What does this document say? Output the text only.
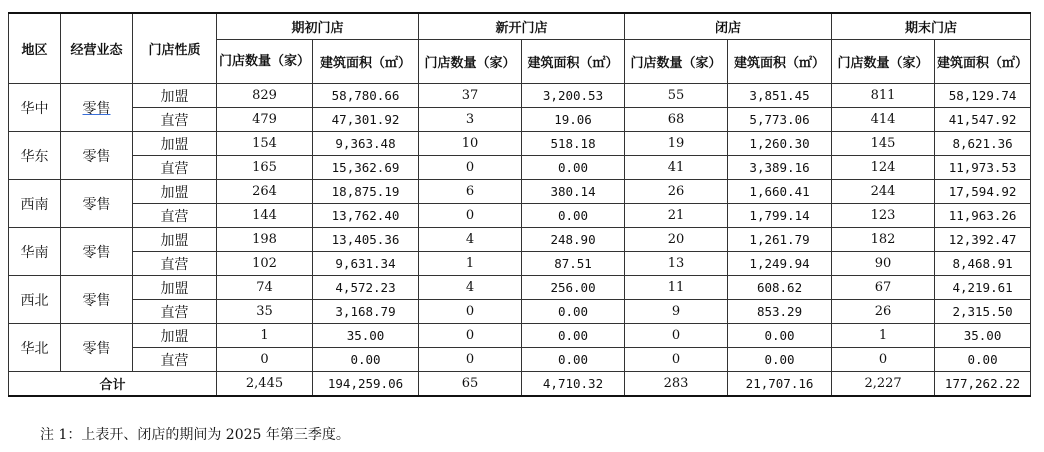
地区	经营业态	门店性质	期初门店		新开门店		闭店		期末门店	
			门店数量（家）	建筑面积（㎡）	门店数量（家）	建筑面积（㎡）	门店数量（家）	建筑面积（㎡）	门店数量（家）	建筑面积（㎡）
华中	零售	加盟	829	58,780.66	37	3,200.53	55	3,851.45	811	58,129.74
		直营	479	47,301.92	3	19.06	68	5,773.06	414	41,547.92
华东	零售	加盟	154	9,363.48	10	518.18	19	1,260.30	145	8,621.36
		直营	165	15,362.69	0	0.00	41	3,389.16	124	11,973.53
西南	零售	加盟	264	18,875.19	6	380.14	26	1,660.41	244	17,594.92
		直营	144	13,762.40	0	0.00	21	1,799.14	123	11,963.26
华南	零售	加盟	198	13,405.36	4	248.90	20	1,261.79	182	12,392.47
		直营	102	9,631.34	1	87.51	13	1,249.94	90	8,468.91
西北	零售	加盟	74	4,572.23	4	256.00	11	608.62	67	4,219.61
		直营	35	3,168.79	0	0.00	9	853.29	26	2,315.50
华北	零售	加盟	1	35.00	0	0.00	0	0.00	1	35.00
		直营	0	0.00	0	0.00	0	0.00	0	0.00
合计			2,445	194,259.06	65	4,710.32	283	21,707.16	2,227	177,262.22
注 1：上表开、闭店的期间为 2025 年第三季度。
